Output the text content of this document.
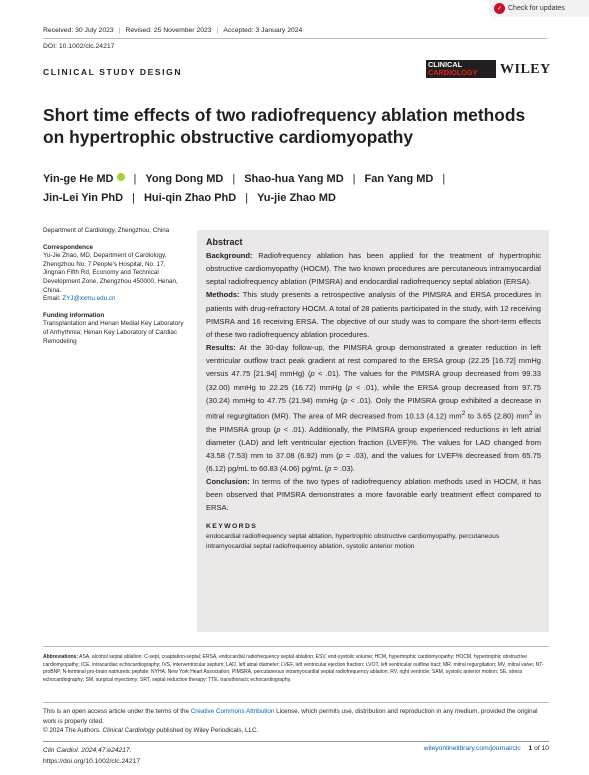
✓ Check for updates
Received: 30 July 2023 | Revised: 25 November 2023 | Accepted: 3 January 2024
DOI: 10.1002/clc.24217
CLINICAL STUDY DESIGN
CLINICAL
CARDIOLOGY	WILEY
Short time effects of two radiofrequency ablation methods on hypertrophic obstructive cardiomyopathy
Yin-ge He MD | Yong Dong MD | Shao-hua Yang MD | Fan Yang MD |
Jin-Lei Yin PhD | Hui-qin Zhao PhD | Yu-jie Zhao MD

Department of Cardiology, Zhengzhou, China

Correspondence

Yu-Jie Zhao, MD, Department of Cardiology, Zhengzhou No. 7 People's Hospital, No. 17, Jingnan Fifth Rd, Economy and Technical Development Zone, Zhengzhou 450000, Henan, China.

Email: ZYJ@xxmu.edu.cn

Funding information

Transplantation and Henan Medial Key Laboratory of Arrhythmia; Henan Key Laboratory of Cardiac Remodeling

Abstract

Background: Radiofrequency ablation has been applied for the treatment of hypertrophic obstructive cardiomyopathy (HOCM). The two known procedures are percutaneous intramyocardial septal radiofrequency ablation (PIMSRA) and endocardial radiofrequency septal ablation (ERSA).

Methods: This study presents a retrospective analysis of the PIMSRA and ERSA procedures in patients with drug-refractory HOCM. A total of 28 patients participated in the study, with 12 receiving PIMSRA and 16 receiving ERSA. The objective of our study was to compare the short-term effects of these two radiofrequency ablation procedures.

Results: At the 30-day follow-up, the PIMSRA group demonstrated a greater reduction in left ventricular outflow tract peak gradient at rest compared to the ERSA group (22.25 [16.72] mmHg versus 47.75 [21.94] mmHg) (p < .01). The values for the PIMSRA group decreased from 99.33 (32.00) mmHg to 22.25 (16.72) mmHg (p < .01), while the ERSA group decreased from 97.75 (30.24) mmHg to 47.75 (21.94) mmHg (p < .01). Only the PIMSRA group exhibited a decrease in mitral regurgitation (MR). The area of MR decreased from 10.13 (4.12) $mm^2$ to 3.65 (2.80) $mm^2$ in the PIMSRA group (p < .01). Additionally, the PIMSRA group experienced reductions in left atrial diameter (LAD) and left ventricular ejection fraction (LVEF)%. The values for LAD changed from 43.58 (7.53) mm to 37.08 (6.92) mm (p = .03), and the values for LVEF% decreased from 65.75 (6.12) pg/mL to 60.83 (4.06) pg/mL (p = .03).

Conclusion: In terms of the two types of radiofrequency ablation methods used in HOCM, it has been observed that PIMSRA demonstrates a more favorable early treatment effect compared to ERSA.

KEYWORDS
endocardial radiofrequency septal ablation, hypertrophic obstructive cardiomyopathy, percutaneous intramyocardial septal radiofrequency ablation, systolic anterior motion
Abbreviations: ASA, alcohol septal ablation; C-sept, coaptation-septal; ERSA, endocardial radiofrequency septal ablation; ESV, end-systolic volume; HCM, hypertrophic cardiomyopathy; HOCM, hypertrophic obstructive cardiomyopathy; ICE, intracardiac echocardiography; IVS, interventricular septum; LAD, left atrial diameter; LVEF, left ventricular ejection fraction; LVOT, left ventricular outflow tract; MR, mitral regurgitation; MV, mitral valve; NT-proBNP, N-terminal pro-brain natriuretic peptide; NYHA, New York Heart Association; PIMSRA, percutaneous intramyocardial septal radiofrequency ablation; RV, right ventricle; SAM, systolic anterior motion; SE, stress echocardiography; SM, surgical myectomy; SRT, septal reduction therapy; TTE, transthoracic echocardiography.

This is an open access article under the terms of the Creative Commons Attribution License, which permits use, distribution and reproduction in any medium, provided the original work is properly cited.

© 2024 The Authors. Clinical Cardiology published by Wiley Periodicals, LLC.

Clin Cardiol. 2024;47:e24217.
https://doi.org/10.1002/clc.24217
wileyonlinelibrary.com/journal/clc 1 of 10
